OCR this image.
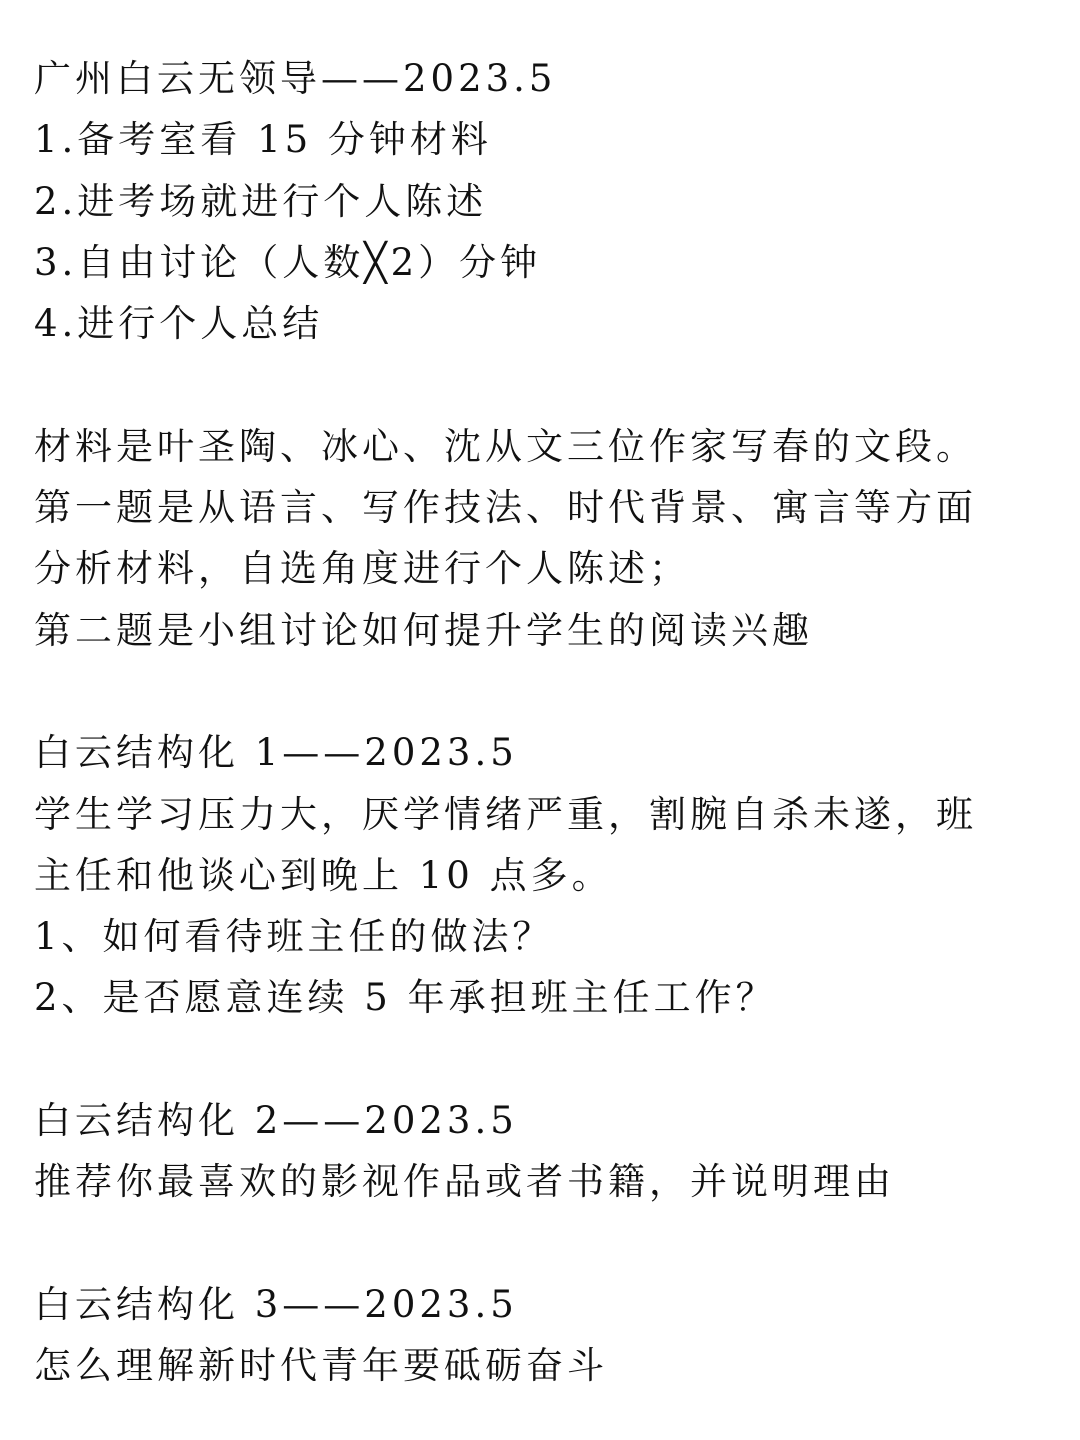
广州白云无领导——2023.5
1.备考室看 15 分钟材料
2.进考场就进行个人陈述
3.自由讨论（人数╳2）分钟
4.进行个人总结
材料是叶圣陶、冰心、沈从文三位作家写春的文段。
第一题是从语言、写作技法、时代背景、寓言等方面
分析材料，自选角度进行个人陈述；
第二题是小组讨论如何提升学生的阅读兴趣
白云结构化 1——2023.5
学生学习压力大，厌学情绪严重，割腕自杀未遂，班
主任和他谈心到晚上 10 点多。
1、如何看待班主任的做法？
2、是否愿意连续 5 年承担班主任工作？
白云结构化 2——2023.5
推荐你最喜欢的影视作品或者书籍，并说明理由
白云结构化 3——2023.5
怎么理解新时代青年要砥砺奋斗
